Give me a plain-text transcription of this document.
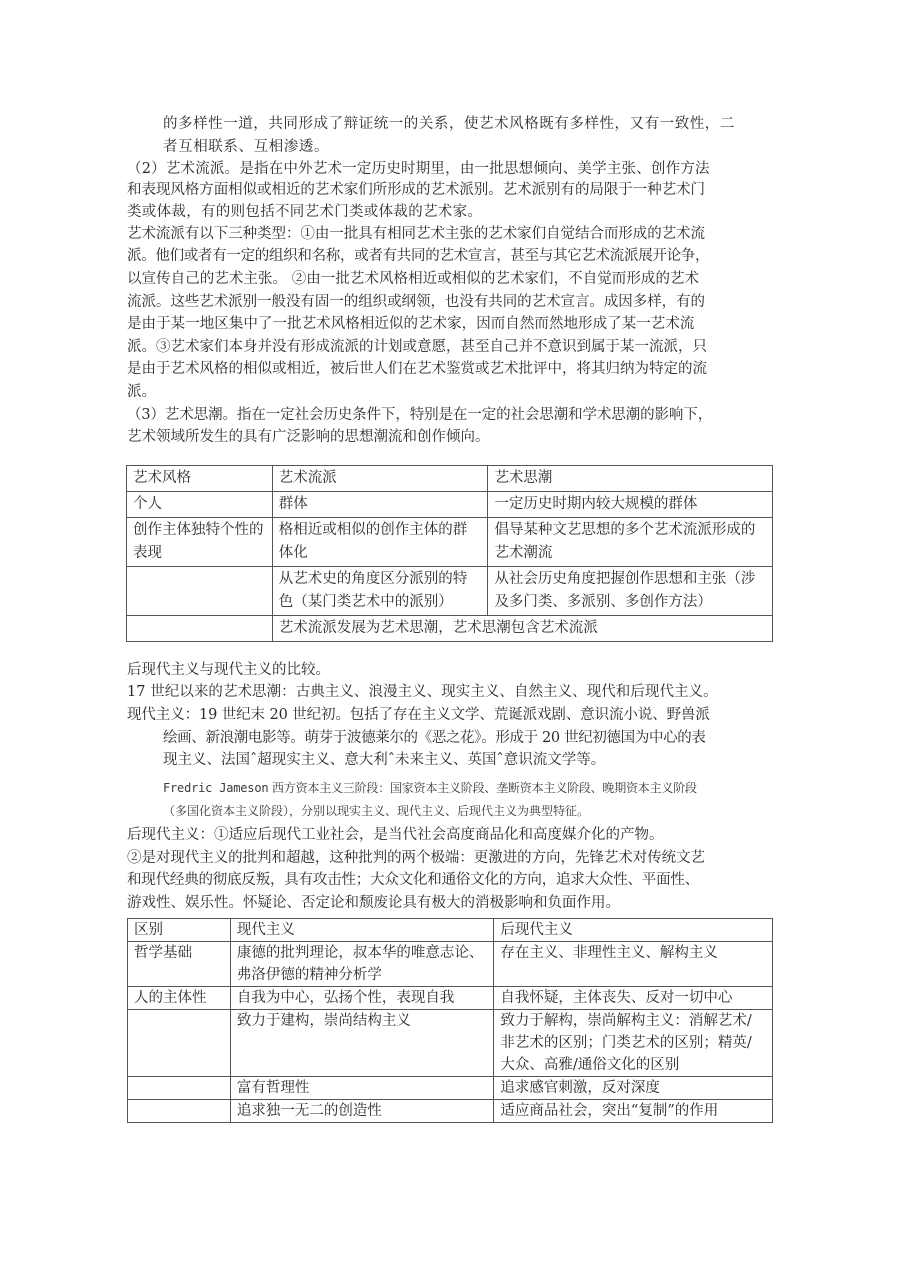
的多样性一道，共同形成了辩证统一的关系，使艺术风格既有多样性，又有一致性，二
者互相联系、互相渗透。
（2）艺术流派。是指在中外艺术一定历史时期里，由一批思想倾向、美学主张、创作方法
和表现风格方面相似或相近的艺术家们所形成的艺术派别。艺术派别有的局限于一种艺术门
类或体裁，有的则包括不同艺术门类或体裁的艺术家。
艺术流派有以下三种类型：①由一批具有相同艺术主张的艺术家们自觉结合而形成的艺术流
派。他们或者有一定的组织和名称，或者有共同的艺术宣言，甚至与其它艺术流派展开论争，
以宣传自己的艺术主张。 ②由一批艺术风格相近或相似的艺术家们，不自觉而形成的艺术
流派。这些艺术派别一般没有固一的组织或纲领，也没有共同的艺术宣言。成因多样，有的
是由于某一地区集中了一批艺术风格相近似的艺术家，因而自然而然地形成了某一艺术流
派。③艺术家们本身并没有形成流派的计划或意愿，甚至自己并不意识到属于某一流派，只
是由于艺术风格的相似或相近，被后世人们在艺术鉴赏或艺术批评中，将其归纳为特定的流
派。
（3）艺术思潮。指在一定社会历史条件下，特别是在一定的社会思潮和学术思潮的影响下，
艺术领域所发生的具有广泛影响的思想潮流和创作倾向。
艺术风格	艺术流派	艺术思潮
个人	群体	一定历史时期内较大规模的群体
创作主体独特个性的表现	格相近或相似的创作主体的群体化	倡导某种文艺思想的多个艺术流派形成的艺术潮流
	从艺术史的角度区分派别的特色（某门类艺术中的派别）	从社会历史角度把握创作思想和主张（涉及多门类、多派别、多创作方法）
	艺术流派发展为艺术思潮，艺术思潮包含艺术流派	
后现代主义与现代主义的比较。
17 世纪以来的艺术思潮：古典主义、浪漫主义、现实主义、自然主义、现代和后现代主义。
现代主义：19 世纪末 20 世纪初。包括了存在主义文学、荒诞派戏剧、意识流小说、野兽派
绘画、新浪潮电影等。萌芽于波德莱尔的《恶之花》。形成于 20 世纪初德国为中心的表
现主义、法国ˆ超现实主义、意大利ˆ未来主义、英国ˆ意识流文学等。
Fredric Jameson 西方资本主义三阶段：国家资本主义阶段、垄断资本主义阶段、晚期资本主义阶段
（多国化资本主义阶段），分别以现实主义、现代主义、后现代主义为典型特征。
后现代主义：①适应后现代工业社会，是当代社会高度商品化和高度媒介化的产物。
②是对现代主义的批判和超越，这种批判的两个极端：更激进的方向，先锋艺术对传统文艺
和现代经典的彻底反叛，具有攻击性；大众文化和通俗文化的方向，追求大众性、平面性、
游戏性、娱乐性。怀疑论、否定论和颓废论具有极大的消极影响和负面作用。
区别	现代主义	后现代主义
哲学基础	康德的批判理论，叔本华的唯意志论、弗洛伊德的精神分析学	存在主义、非理性主义、解构主义
人的主体性	自我为中心，弘扬个性，表现自我	自我怀疑，主体丧失、反对一切中心
	致力于建构，崇尚结构主义	致力于解构，崇尚解构主义：消解艺术/非艺术的区别；门类艺术的区别；精英/大众、高雅/通俗文化的区别
	富有哲理性	追求感官刺激，反对深度
	追求独一无二的创造性	适应商品社会，突出“复制”的作用
